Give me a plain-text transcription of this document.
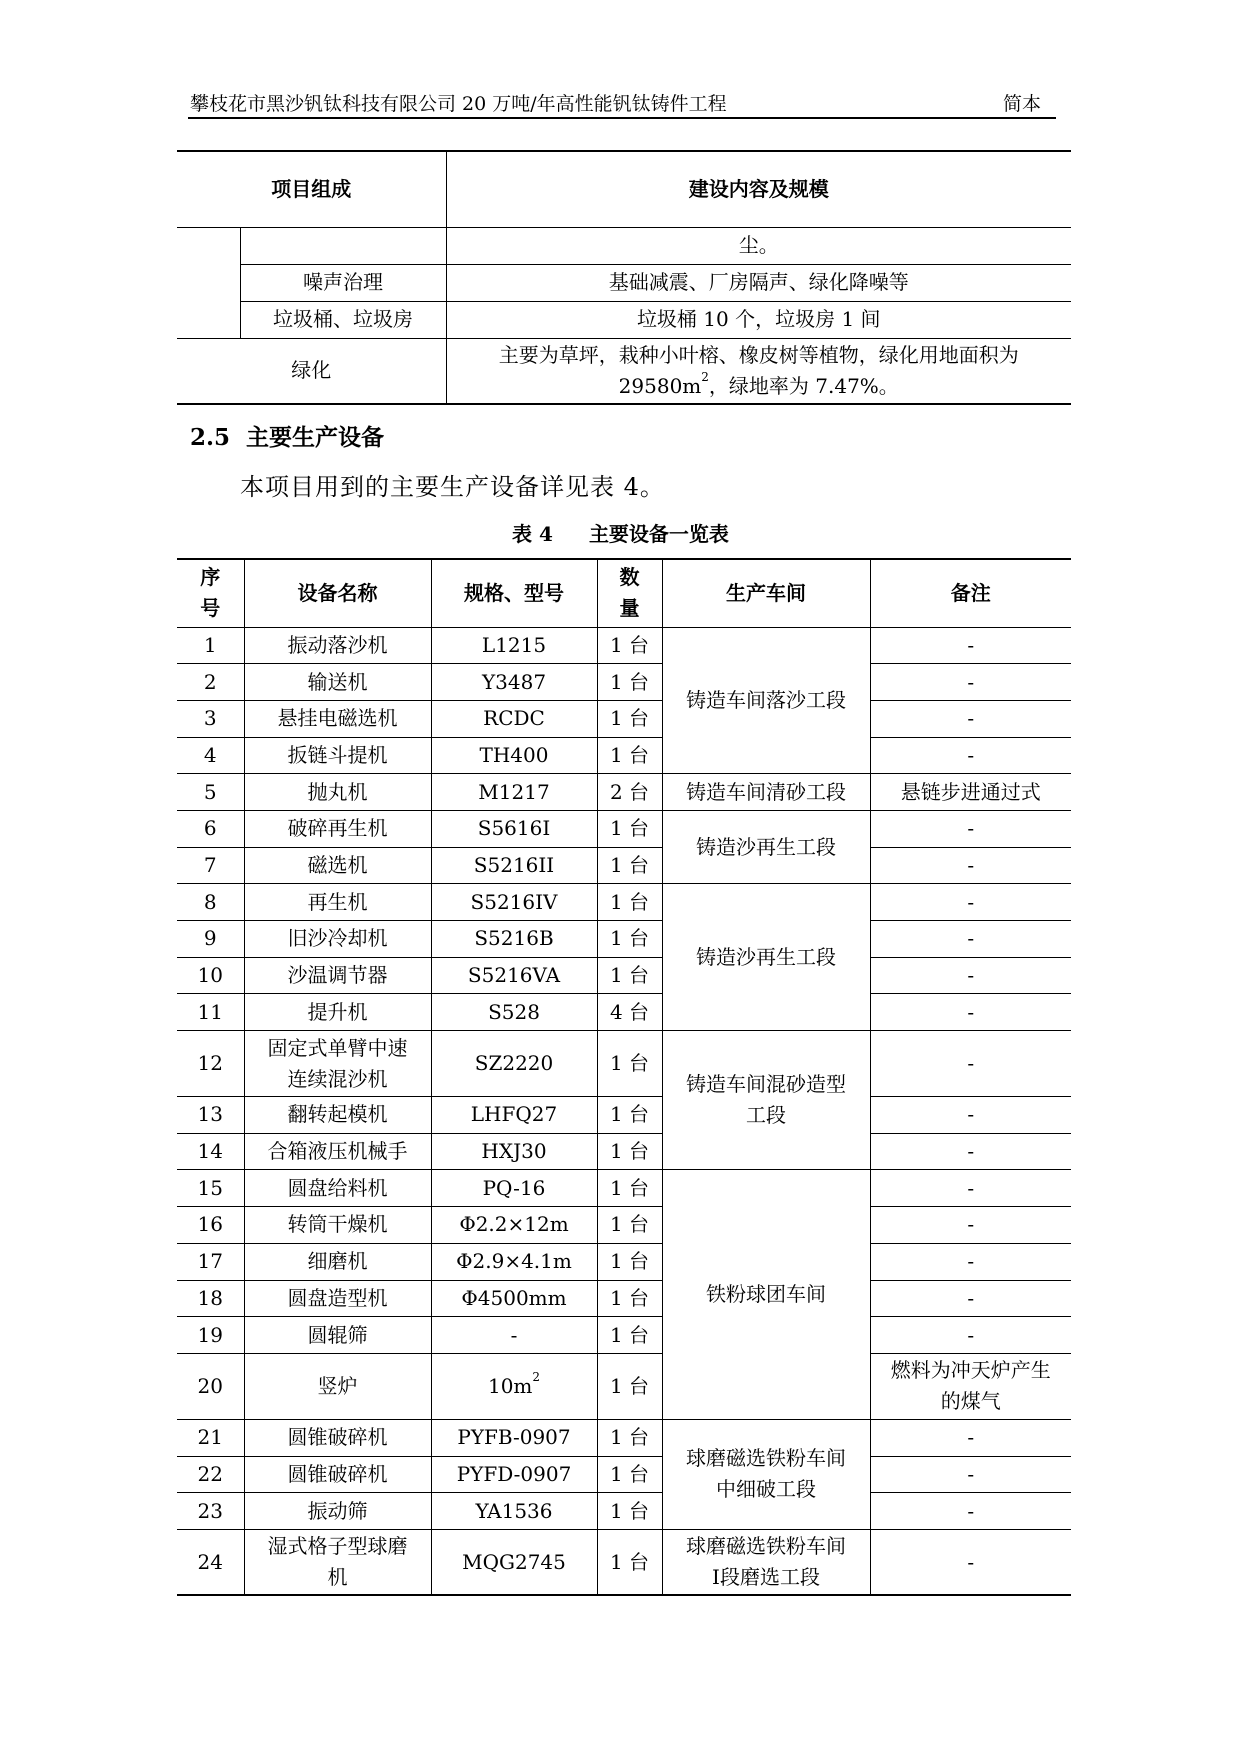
攀枝花市黑沙钒钛科技有限公司 20 万吨/年高性能钒钛铸件工程	简本
项目组成		建设内容及规模
		尘。
	噪声治理	基础减震、厂房隔声、绿化降噪等
	垃圾桶、垃圾房	垃圾桶 10 个，垃圾房 1 间
绿化		主要为草坪，栽种小叶榕、橡皮树等植物，绿化用地面积为
$29580m^2$，绿地率为 7.47%。
2.5 主要生产设备
本项目用到的主要生产设备详见表 4。
表 4 主要设备一览表
序
号	设备名称	规格、型号	数
量	生产车间	备注
1	振动落沙机	L1215	1 台	铸造车间落沙工段	-
2	输送机	Y3487	1 台		-
3	悬挂电磁选机	RCDC	1 台		-
4	扳链斗提机	TH400	1 台		-
5	抛丸机	M1217	2 台	铸造车间清砂工段	悬链步进通过式
6	破碎再生机	S5616I	1 台	铸造沙再生工段	-
7	磁选机	S5216II	1 台		-
8	再生机	S5216IV	1 台	铸造沙再生工段	-
9	旧沙冷却机	S5216B	1 台		-
10	沙温调节器	S5216VA	1 台		-
11	提升机	S528	4 台		-
12	固定式单臂中速
连续混沙机	SZ2220	1 台	铸造车间混砂造型
工段	-
13	翻转起模机	LHFQ27	1 台		-
14	合箱液压机械手	HXJ30	1 台		-
15	圆盘给料机	PQ-16	1 台	铁粉球团车间	-
16	转筒干燥机	Φ2.2×12m	1 台		-
17	细磨机	Φ2.9×4.1m	1 台		-
18	圆盘造型机	Φ4500mm	1 台		-
19	圆辊筛	-	1 台		-
20	竖炉	$10m^2$	1 台		燃料为冲天炉产生
的煤气
21	圆锥破碎机	PYFB-0907	1 台	球磨磁选铁粉车间
中细破工段	-
22	圆锥破碎机	PYFD-0907	1 台		-
23	振动筛	YA1536	1 台		-
24	湿式格子型球磨
机	MQG2745	1 台	球磨磁选铁粉车间
Ⅰ段磨选工段	-
